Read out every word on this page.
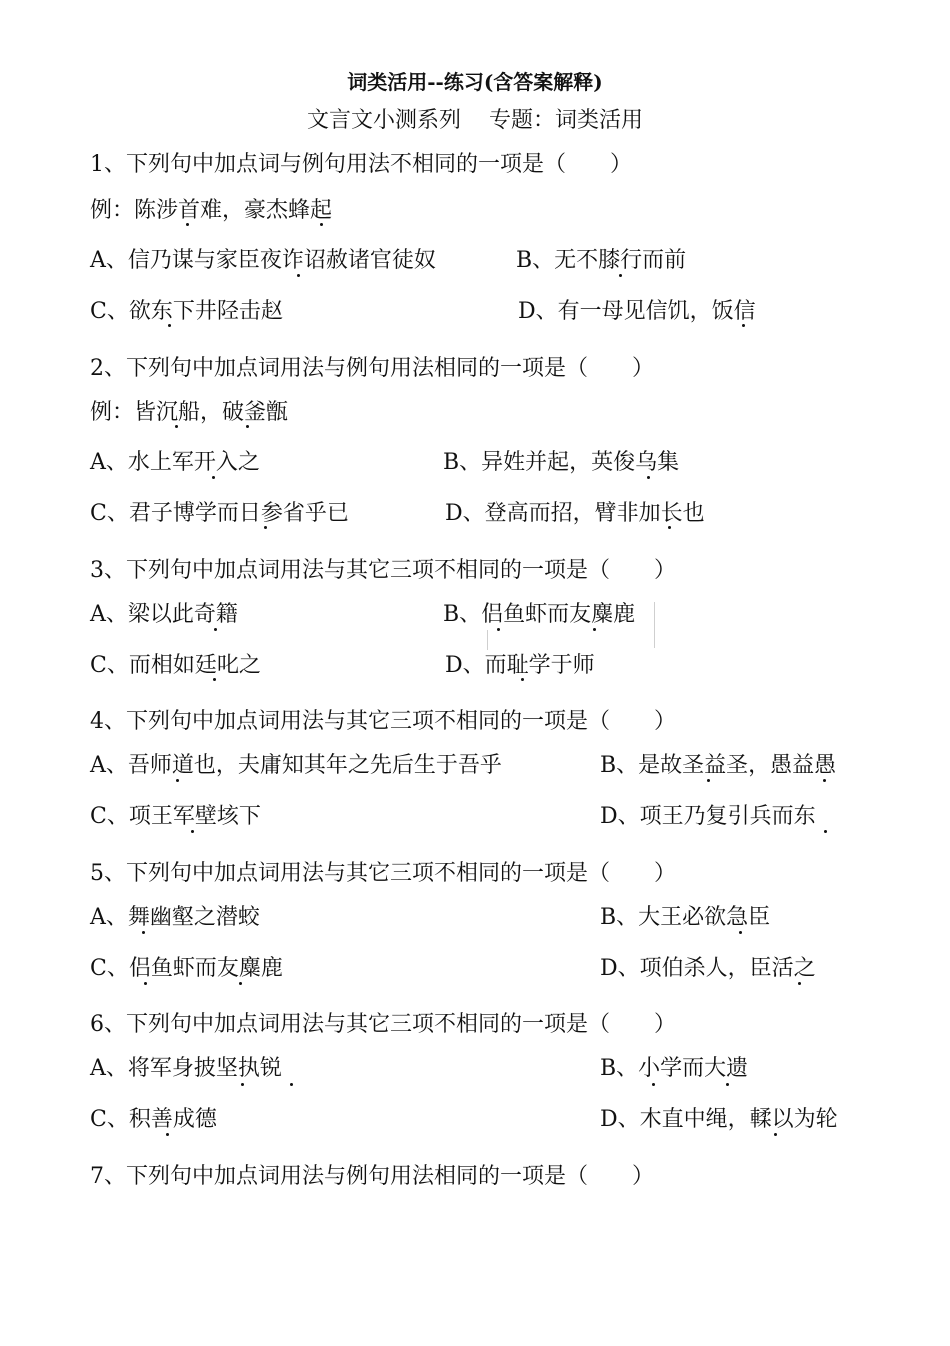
词类活用--练习(含答案解释)
文言文小测系列    专题：词类活用
1、下列句中加点词与例句用法不相同的一项是（　　）
例：陈涉首难，豪杰蜂起
A、信乃谋与家臣夜诈诏赦诸官徒奴	B、无不膝行而前
C、欲东下井陉击赵	D、有一母见信饥，饭信
2、下列句中加点词用法与例句用法相同的一项是（　　）
例：皆沉船，破釜甑
A、水上军开入之	B、异姓并起，英俊乌集
C、君子博学而日参省乎已	D、登高而招，臂非加长也
3、下列句中加点词用法与其它三项不相同的一项是（　　）
A、梁以此奇籍	B、侣鱼虾而友麋鹿
C、而相如廷叱之	D、而耻学于师
4、下列句中加点词用法与其它三项不相同的一项是（　　）
A、吾师道也，夫庸知其年之先后生于吾乎	B、是故圣益圣，愚益愚
C、项王军壁垓下	D、项王乃复引兵而东
5、下列句中加点词用法与其它三项不相同的一项是（　　）
A、舞幽壑之潜蛟	B、大王必欲急臣
C、侣鱼虾而友麋鹿	D、项伯杀人，臣活之
6、下列句中加点词用法与其它三项不相同的一项是（　　）
A、将军身披坚执锐	B、小学而大遗
C、积善成德	D、木直中绳，輮以为轮
7、下列句中加点词用法与例句用法相同的一项是（　　）
